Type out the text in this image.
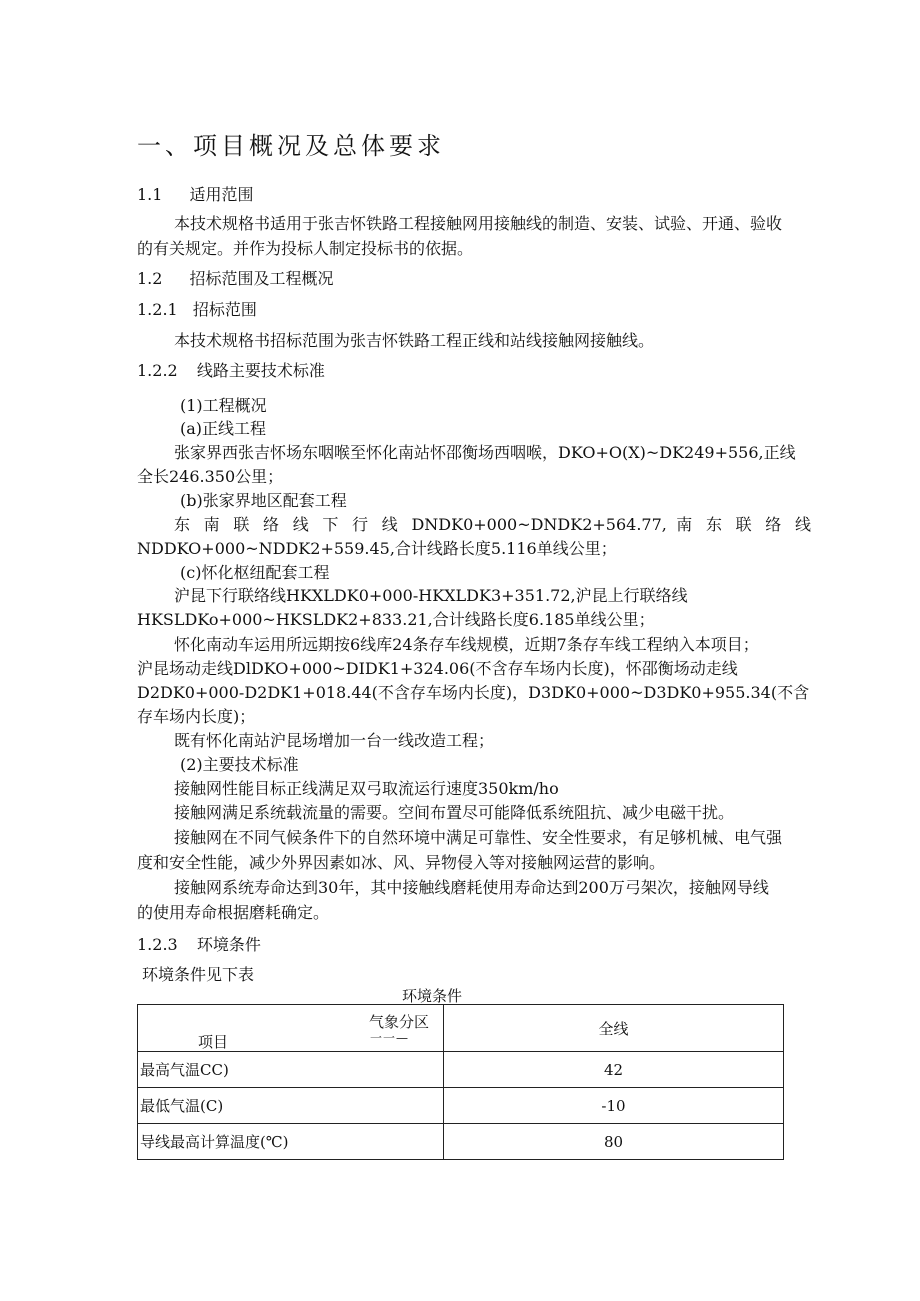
一、项目概况及总体要求
1.1 适用范围
本技术规格书适用于张吉怀铁路工程接触网用接触线的制造、安装、试验、开通、验收
的有关规定。并作为投标人制定投标书的依据。
1.2 招标范围及工程概况
1.2.1 招标范围
本技术规格书招标范围为张吉怀铁路工程正线和站线接触网接触线。
1.2.2 线路主要技术标准
(1)工程概况
(a)正线工程
张家界西张吉怀场东咽喉至怀化南站怀邵衡场西咽喉，DKO+O(X)~DK249+556,正线
全长246.350公里；
(b)张家界地区配套工程
东 南 联 络 线 下 行 线 DNDK0+000~DNDK2+564.77, 南 东 联 络 线
NDDKO+000~NDDK2+559.45,合计线路长度5.116单线公里；
(c)怀化枢纽配套工程
沪昆下行联络线HKXLDK0+000-HKXLDK3+351.72,沪昆上行联络线
HKSLDKo+000~HKSLDK2+833.21,合计线路长度6.185单线公里；
怀化南动车运用所远期按6线库24条存车线规模，近期7条存车线工程纳入本项目；
沪昆场动走线DlDKO+000~DIDK1+324.06(不含存车场内长度)，怀邵衡场动走线
D2DK0+000-D2DK1+018.44(不含存车场内长度)，D3DK0+000~D3DK0+955.34(不含
存车场内长度)；
既有怀化南站沪昆场增加一台一线改造工程；
(2)主要技术标准
接触网性能目标正线满足双弓取流运行速度350km∕ho
接触网满足系统载流量的需要。空间布置尽可能降低系统阻抗、减少电磁干扰。
接触网在不同气候条件下的自然环境中满足可靠性、安全性要求，有足够机械、电气强
度和安全性能，减少外界因素如冰、风、异物侵入等对接触网运营的影响。
接触网系统寿命达到30年，其中接触线磨耗使用寿命达到200万弓架次，接触网导线
的使用寿命根据磨耗确定。
1.2.3 环境条件
环境条件见下表
环境条件
气象分区
一一—
项目	全线
最高气温CC)	42
最低气温(C)	-10
导线最高计算温度(℃)	80
